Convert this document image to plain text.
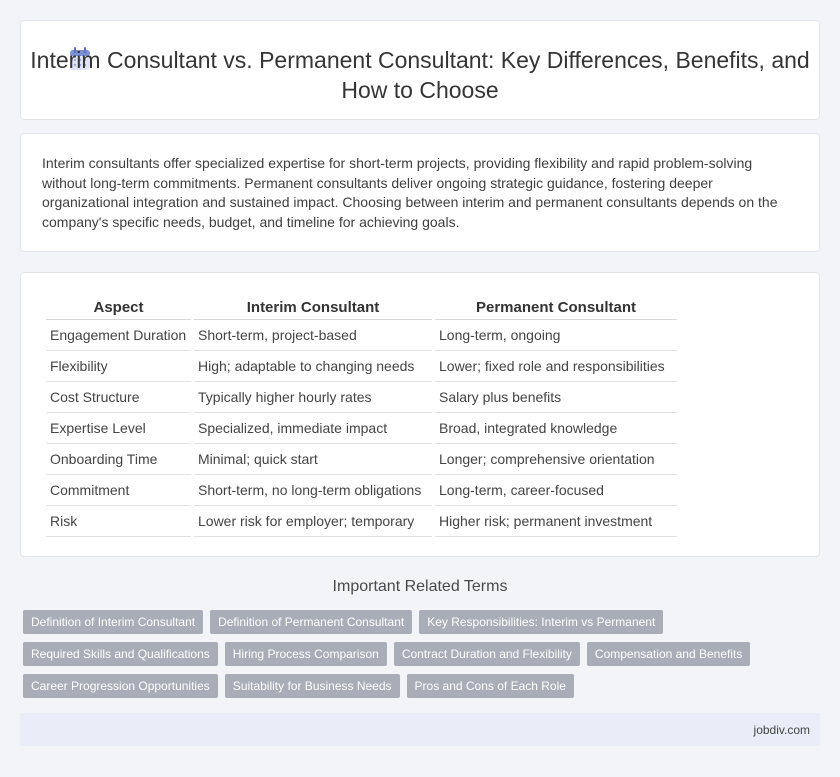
Interim Consultant vs. Permanent Consultant: Key Differences, Benefits, and How to Choose

Interim consultants offer specialized expertise for short-term projects, providing flexibility and rapid problem-solving without long-term commitments. Permanent consultants deliver ongoing strategic guidance, fostering deeper organizational integration and sustained impact. Choosing between interim and permanent consultants depends on the company's specific needs, budget, and timeline for achieving goals.

Aspect	Interim Consultant	Permanent Consultant
Engagement Duration	Short-term, project-based	Long-term, ongoing
Flexibility	High; adaptable to changing needs	Lower; fixed role and responsibilities
Cost Structure	Typically higher hourly rates	Salary plus benefits
Expertise Level	Specialized, immediate impact	Broad, integrated knowledge
Onboarding Time	Minimal; quick start	Longer; comprehensive orientation
Commitment	Short-term, no long-term obligations	Long-term, career-focused
Risk	Lower risk for employer; temporary	Higher risk; permanent investment
Important Related Terms
Definition of Interim Consultant	Definition of Permanent Consultant	Key Responsibilities: Interim vs Permanent
Required Skills and Qualifications	Hiring Process Comparison	Contract Duration and Flexibility	Compensation and Benefits
Career Progression Opportunities	Suitability for Business Needs	Pros and Cons of Each Role
jobdiv.com
